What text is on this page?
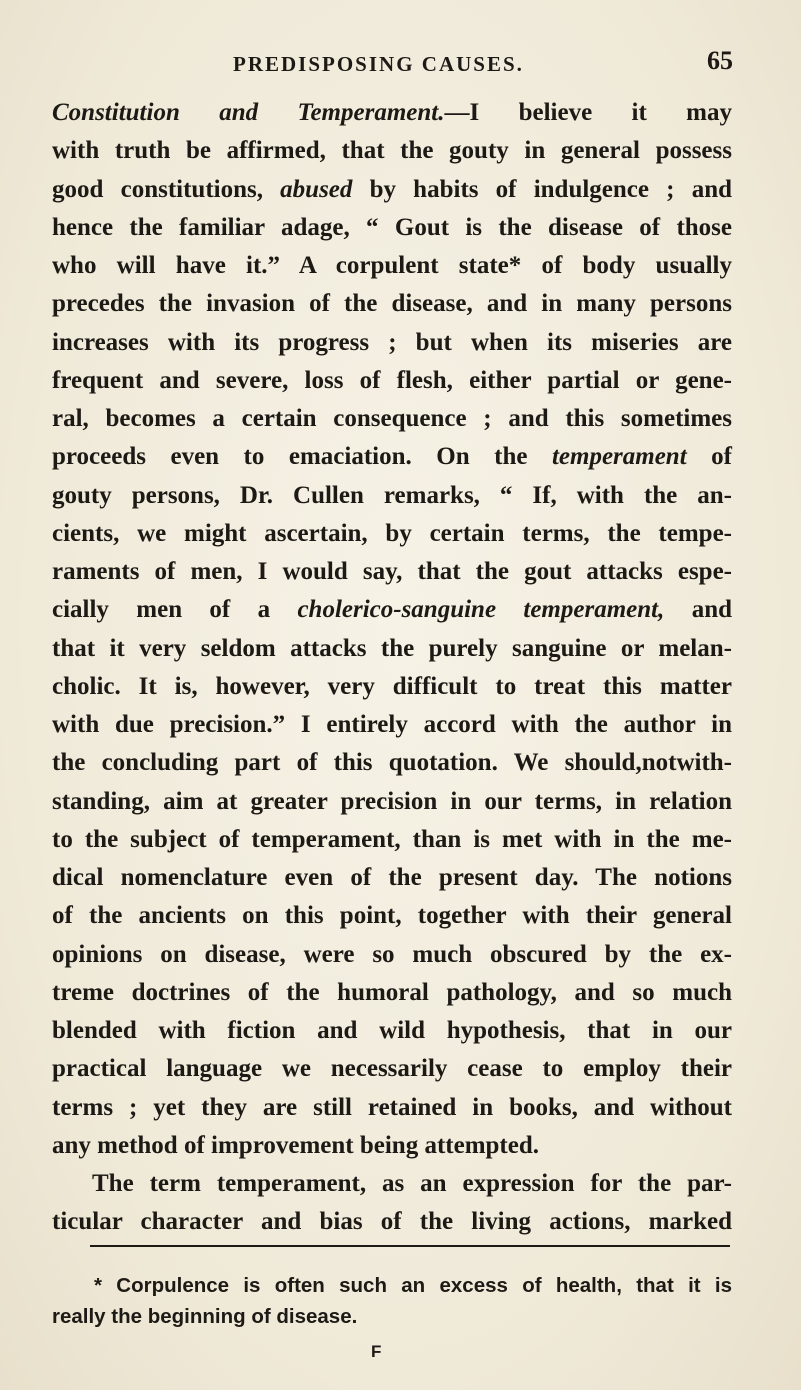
PREDISPOSING CAUSES.	65
Constitution and Temperament.—I believe it may
with truth be affirmed, that the gouty in general possess
good constitutions, abused by habits of indulgence ; and
hence the familiar adage, “ Gout is the disease of those
who will have it.” A corpulent state* of body usually
precedes the invasion of the disease, and in many persons
increases with its progress ; but when its miseries are
frequent and severe, loss of flesh, either partial or gene-
ral, becomes a certain consequence ; and this sometimes
proceeds even to emaciation. On the temperament of
gouty persons, Dr. Cullen remarks, “ If, with the an-
cients, we might ascertain, by certain terms, the tempe-
raments of men, I would say, that the gout attacks espe-
cially men of a cholerico-sanguine temperament, and
that it very seldom attacks the purely sanguine or melan-
cholic. It is, however, very difficult to treat this matter
with due precision.” I entirely accord with the author in
the concluding part of this quotation. We should,notwith-
standing, aim at greater precision in our terms, in relation
to the subject of temperament, than is met with in the me-
dical nomenclature even of the present day. The notions
of the ancients on this point, together with their general
opinions on disease, were so much obscured by the ex-
treme doctrines of the humoral pathology, and so much
blended with fiction and wild hypothesis, that in our
practical language we necessarily cease to employ their
terms ; yet they are still retained in books, and without
any method of improvement being attempted.
The term temperament, as an expression for the par-
ticular character and bias of the living actions, marked
* Corpulence is often such an excess of health, that it is
really the beginning of disease.
F
